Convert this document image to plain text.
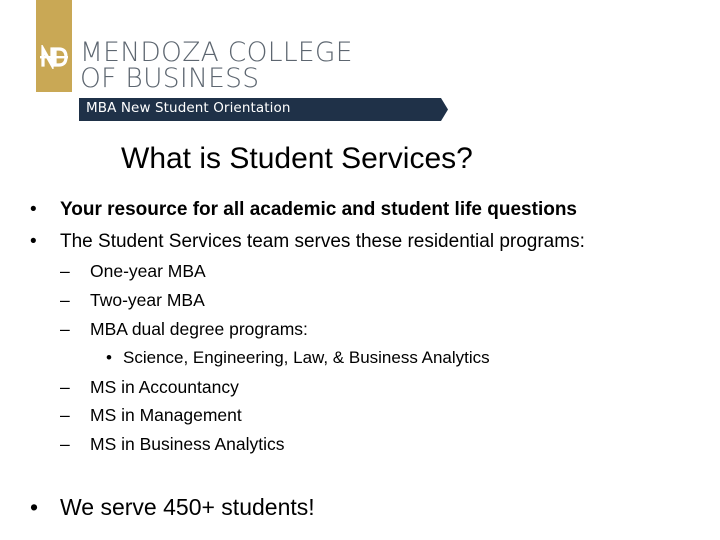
MENDOZA COLLEGE
OF BUSINESS
MBA New Student Orientation
What is Student Services?
• Your resource for all academic and student life questions
• The Student Services team serves these residential programs:
– One-year MBA
– Two-year MBA
– MBA dual degree programs:
• Science, Engineering, Law, & Business Analytics
– MS in Accountancy
– MS in Management
– MS in Business Analytics
• We serve 450+ students!
